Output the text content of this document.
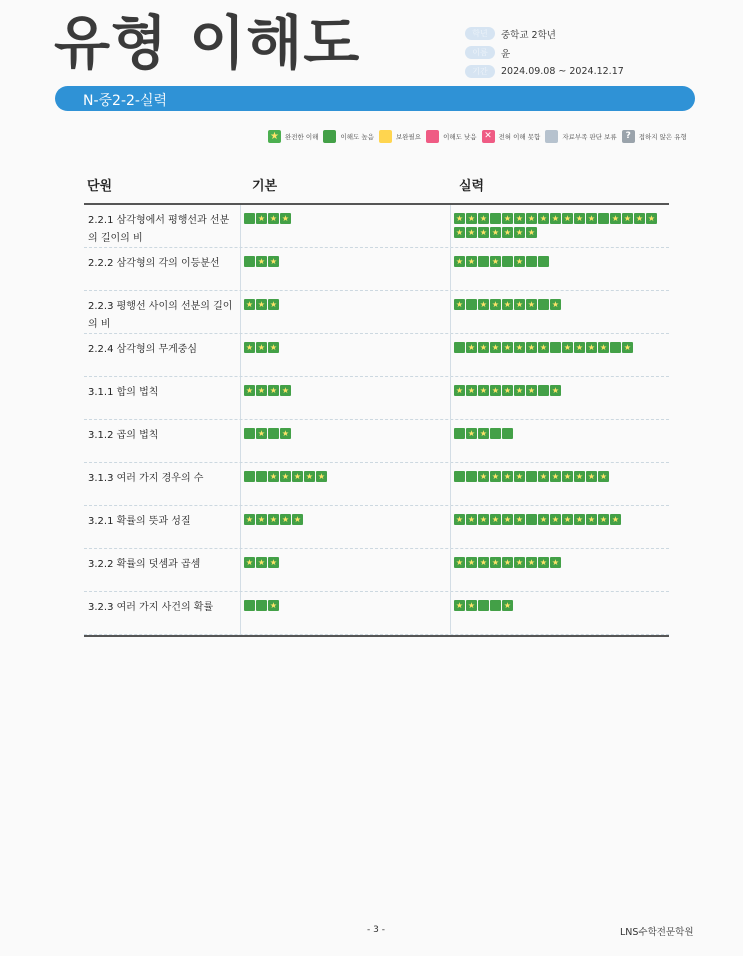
유형 이해도	학년	중학교 2학년
이름	윤
기간	2024.09.08 ~ 2024.12.17
N-중2-2-실력
★
완전한 이해	이해도 높음	보완필요	이해도 낮음
✕	전혀 이해 못함	자료부족 판단 보류 ?	접하지 않은 유형
단원	기본	실력
2.2.1 삼각형에서 평행선과 선분의 길이의 비
★
★
★
★
★
★
★
★
★
★
★
★
★
★
★
★
★
★
★
★
★
★
★
★
★
2.2.2 삼각형의 각의 이등분선
★
★
★
★
★
★
2.2.3 평행선 사이의 선분의 길이의 비
★
★
★
★
★
★
★
★
★
★
2.2.4 삼각형의 무게중심
★
★
★
★
★
★
★
★
★
★
★
★
★
★
★
3.1.1 합의 법칙
★
★
★
★
★
★
★
★
★
★
★
★
3.1.2 곱의 법칙
★
★
★
★
3.1.3 여러 가지 경우의 수
★
★
★
★
★
★
★
★
★
★
★
★
★
★
★
3.2.1 확률의 뜻과 성질
★
★
★
★
★
★
★
★
★
★
★
★
★
★
★
★
★
★
3.2.2 확률의 덧셈과 곱셈
★
★
★
★
★
★
★
★
★
★
★
★
3.2.3 여러 가지 사건의 확률
★
★
★
★
- 3 -	LNS수학전문학원
